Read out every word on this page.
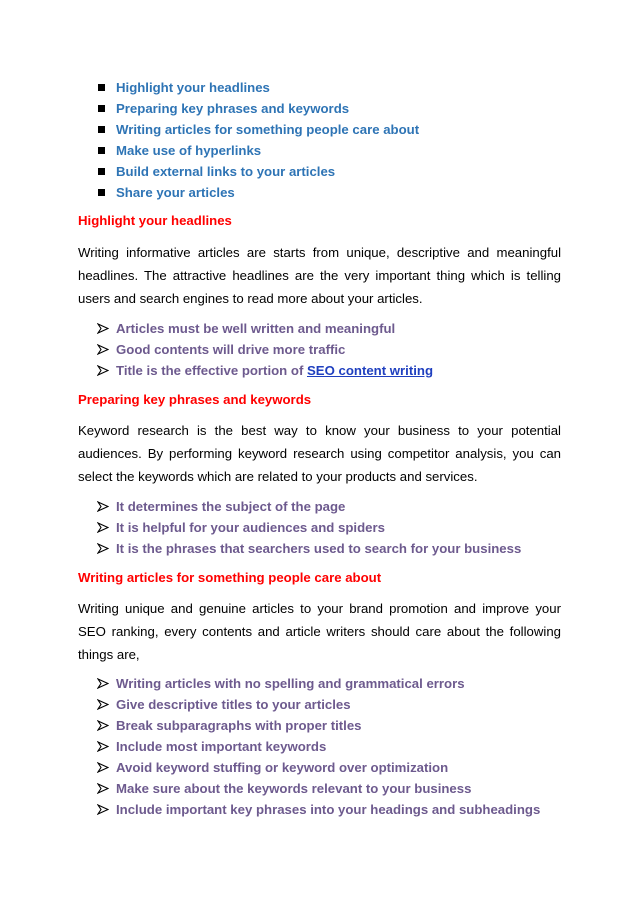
Highlight your headlines
Preparing key phrases and keywords
Writing articles for something people care about
Make use of hyperlinks
Build external links to your articles
Share your articles
Highlight your headlines

Writing informative articles are starts from unique, descriptive and meaningful headlines. The attractive headlines are the very important thing which is telling users and search engines to read more about your articles.

Articles must be well written and meaningful
Good contents will drive more traffic
Title is the effective portion of SEO content writing
Preparing key phrases and keywords

Keyword research is the best way to know your business to your potential audiences. By performing keyword research using competitor analysis, you can select the keywords which are related to your products and services.

It determines the subject of the page
It is helpful for your audiences and spiders
It is the phrases that searchers used to search for your business
Writing articles for something people care about

Writing unique and genuine articles to your brand promotion and improve your SEO ranking, every contents and article writers should care about the following things are,

Writing articles with no spelling and grammatical errors
Give descriptive titles to your articles
Break subparagraphs with proper titles
Include most important keywords
Avoid keyword stuffing or keyword over optimization
Make sure about the keywords relevant to your business
Include important key phrases into your headings and subheadings
